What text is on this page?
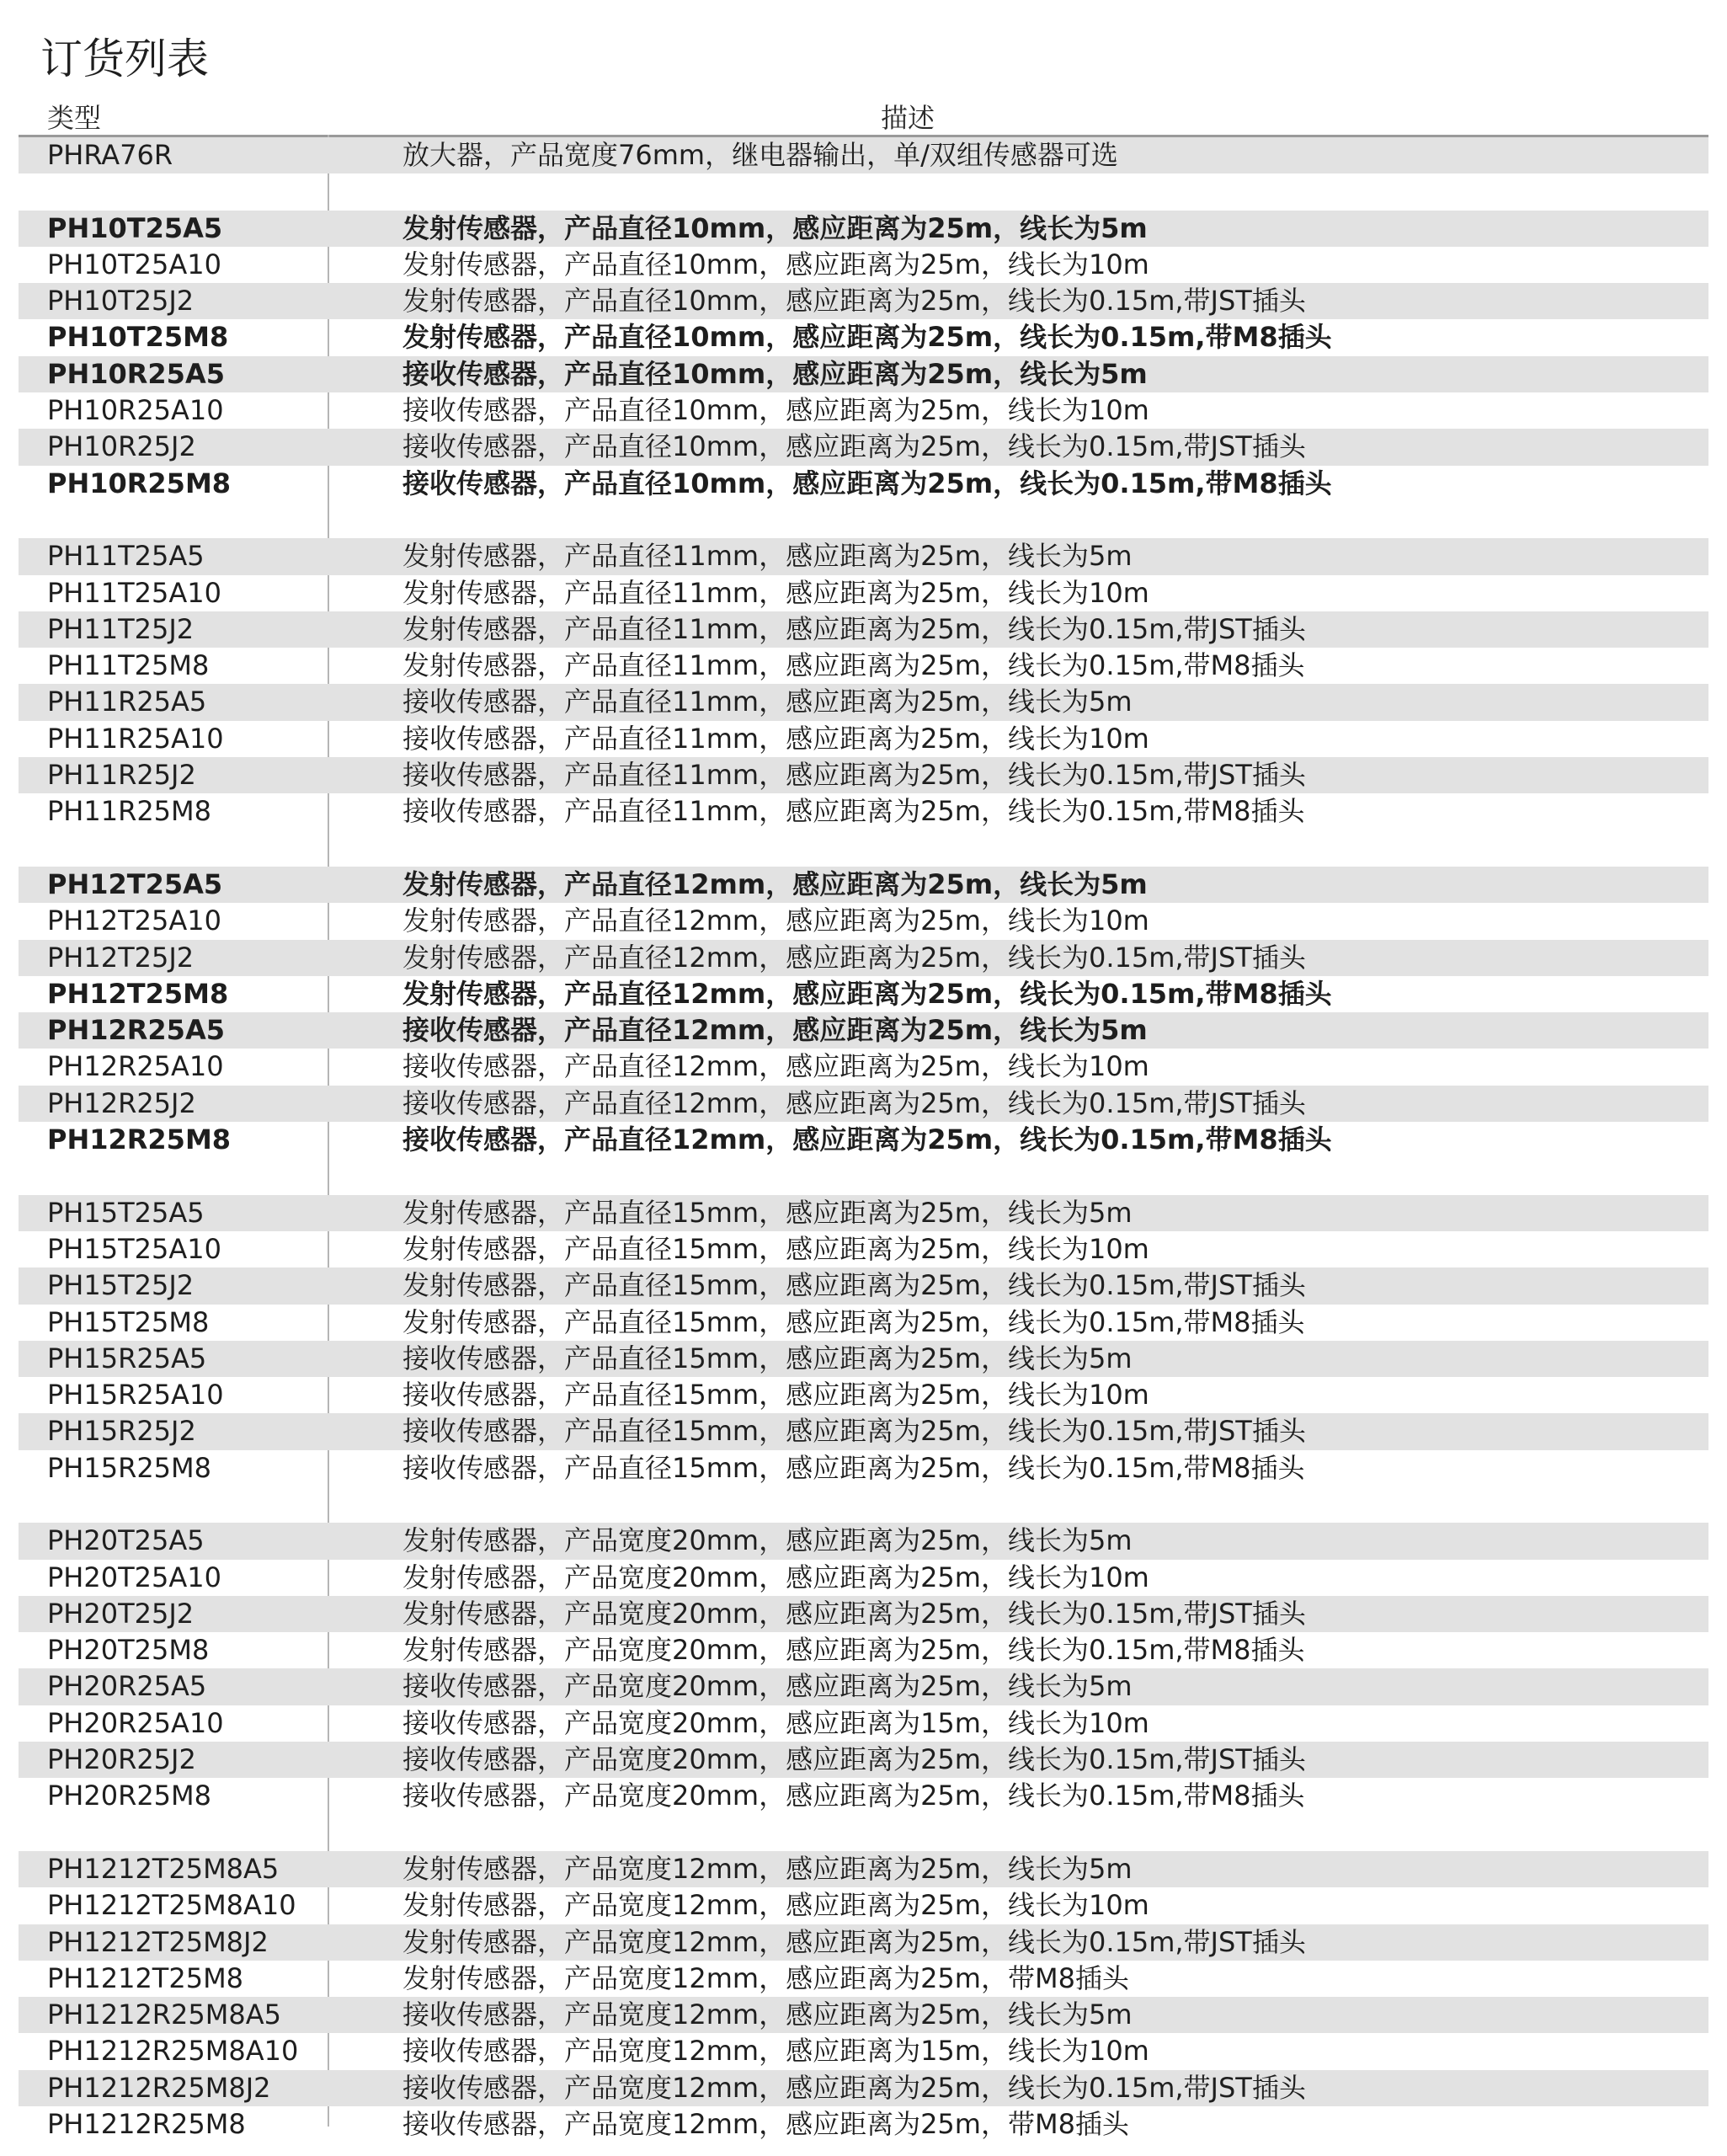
订货列表
类型	描述
PHRA76R	放大器，产品宽度76mm，继电器输出，单/双组传感器可选
PH10T25A5	发射传感器，产品直径10mm，感应距离为25m，线长为5m
PH10T25A10	发射传感器，产品直径10mm，感应距离为25m，线长为10m
PH10T25J2	发射传感器，产品直径10mm，感应距离为25m，线长为0.15m,带JST插头
PH10T25M8	发射传感器，产品直径10mm，感应距离为25m，线长为0.15m,带M8插头
PH10R25A5	接收传感器，产品直径10mm，感应距离为25m，线长为5m
PH10R25A10	接收传感器，产品直径10mm，感应距离为25m，线长为10m
PH10R25J2	接收传感器，产品直径10mm，感应距离为25m，线长为0.15m,带JST插头
PH10R25M8	接收传感器，产品直径10mm，感应距离为25m，线长为0.15m,带M8插头
PH11T25A5	发射传感器，产品直径11mm，感应距离为25m，线长为5m
PH11T25A10	发射传感器，产品直径11mm，感应距离为25m，线长为10m
PH11T25J2	发射传感器，产品直径11mm，感应距离为25m，线长为0.15m,带JST插头
PH11T25M8	发射传感器，产品直径11mm，感应距离为25m，线长为0.15m,带M8插头
PH11R25A5	接收传感器，产品直径11mm，感应距离为25m，线长为5m
PH11R25A10	接收传感器，产品直径11mm，感应距离为25m，线长为10m
PH11R25J2	接收传感器，产品直径11mm，感应距离为25m，线长为0.15m,带JST插头
PH11R25M8	接收传感器，产品直径11mm，感应距离为25m，线长为0.15m,带M8插头
PH12T25A5	发射传感器，产品直径12mm，感应距离为25m，线长为5m
PH12T25A10	发射传感器，产品直径12mm，感应距离为25m，线长为10m
PH12T25J2	发射传感器，产品直径12mm，感应距离为25m，线长为0.15m,带JST插头
PH12T25M8	发射传感器，产品直径12mm，感应距离为25m，线长为0.15m,带M8插头
PH12R25A5	接收传感器，产品直径12mm，感应距离为25m，线长为5m
PH12R25A10	接收传感器，产品直径12mm，感应距离为25m，线长为10m
PH12R25J2	接收传感器，产品直径12mm，感应距离为25m，线长为0.15m,带JST插头
PH12R25M8	接收传感器，产品直径12mm，感应距离为25m，线长为0.15m,带M8插头
PH15T25A5	发射传感器，产品直径15mm，感应距离为25m，线长为5m
PH15T25A10	发射传感器，产品直径15mm，感应距离为25m，线长为10m
PH15T25J2	发射传感器，产品直径15mm，感应距离为25m，线长为0.15m,带JST插头
PH15T25M8	发射传感器，产品直径15mm，感应距离为25m，线长为0.15m,带M8插头
PH15R25A5	接收传感器，产品直径15mm，感应距离为25m，线长为5m
PH15R25A10	接收传感器，产品直径15mm，感应距离为25m，线长为10m
PH15R25J2	接收传感器，产品直径15mm，感应距离为25m，线长为0.15m,带JST插头
PH15R25M8	接收传感器，产品直径15mm，感应距离为25m，线长为0.15m,带M8插头
PH20T25A5	发射传感器，产品宽度20mm，感应距离为25m，线长为5m
PH20T25A10	发射传感器，产品宽度20mm，感应距离为25m，线长为10m
PH20T25J2	发射传感器，产品宽度20mm，感应距离为25m，线长为0.15m,带JST插头
PH20T25M8	发射传感器，产品宽度20mm，感应距离为25m，线长为0.15m,带M8插头
PH20R25A5	接收传感器，产品宽度20mm，感应距离为25m，线长为5m
PH20R25A10	接收传感器，产品宽度20mm，感应距离为15m，线长为10m
PH20R25J2	接收传感器，产品宽度20mm，感应距离为25m，线长为0.15m,带JST插头
PH20R25M8	接收传感器，产品宽度20mm，感应距离为25m，线长为0.15m,带M8插头
PH1212T25M8A5	发射传感器，产品宽度12mm，感应距离为25m，线长为5m
PH1212T25M8A10	发射传感器，产品宽度12mm，感应距离为25m，线长为10m
PH1212T25M8J2	发射传感器，产品宽度12mm，感应距离为25m，线长为0.15m,带JST插头
PH1212T25M8	发射传感器，产品宽度12mm，感应距离为25m，带M8插头
PH1212R25M8A5	接收传感器，产品宽度12mm，感应距离为25m，线长为5m
PH1212R25M8A10	接收传感器，产品宽度12mm，感应距离为15m，线长为10m
PH1212R25M8J2	接收传感器，产品宽度12mm，感应距离为25m，线长为0.15m,带JST插头
PH1212R25M8	接收传感器，产品宽度12mm，感应距离为25m，带M8插头
